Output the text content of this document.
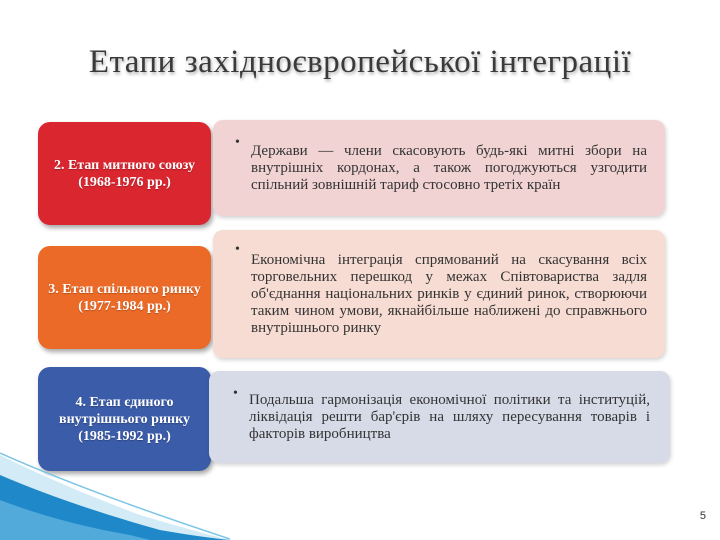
Етапи західноєвропейської інтеграції
2. Етап митного союзу (1968-1976 рр.)
• Держави — члени скасовують будь-які митні збори на внутрішніх кордонах, а також погоджуються узгодити спільний зовнішній тариф стосовно третіх країн

3. Етап спільного ринку (1977-1984 рр.)
•

Економічна інтеграція спрямований на скасування всіх торговельних перешкод у межах Співтовариства задля об'єднання національних ринків у єдиний ринок, створюючи таким чином умови, якнайбільше наближені до справжнього внутрішнього ринку

4. Етап єдиного внутрішнього ринку (1985-1992 рр.)
• Подальша гармонізація економічної політики та інституцій, ліквідація решти бар'єрів на шляху пересування товарів і факторів виробництва

5
